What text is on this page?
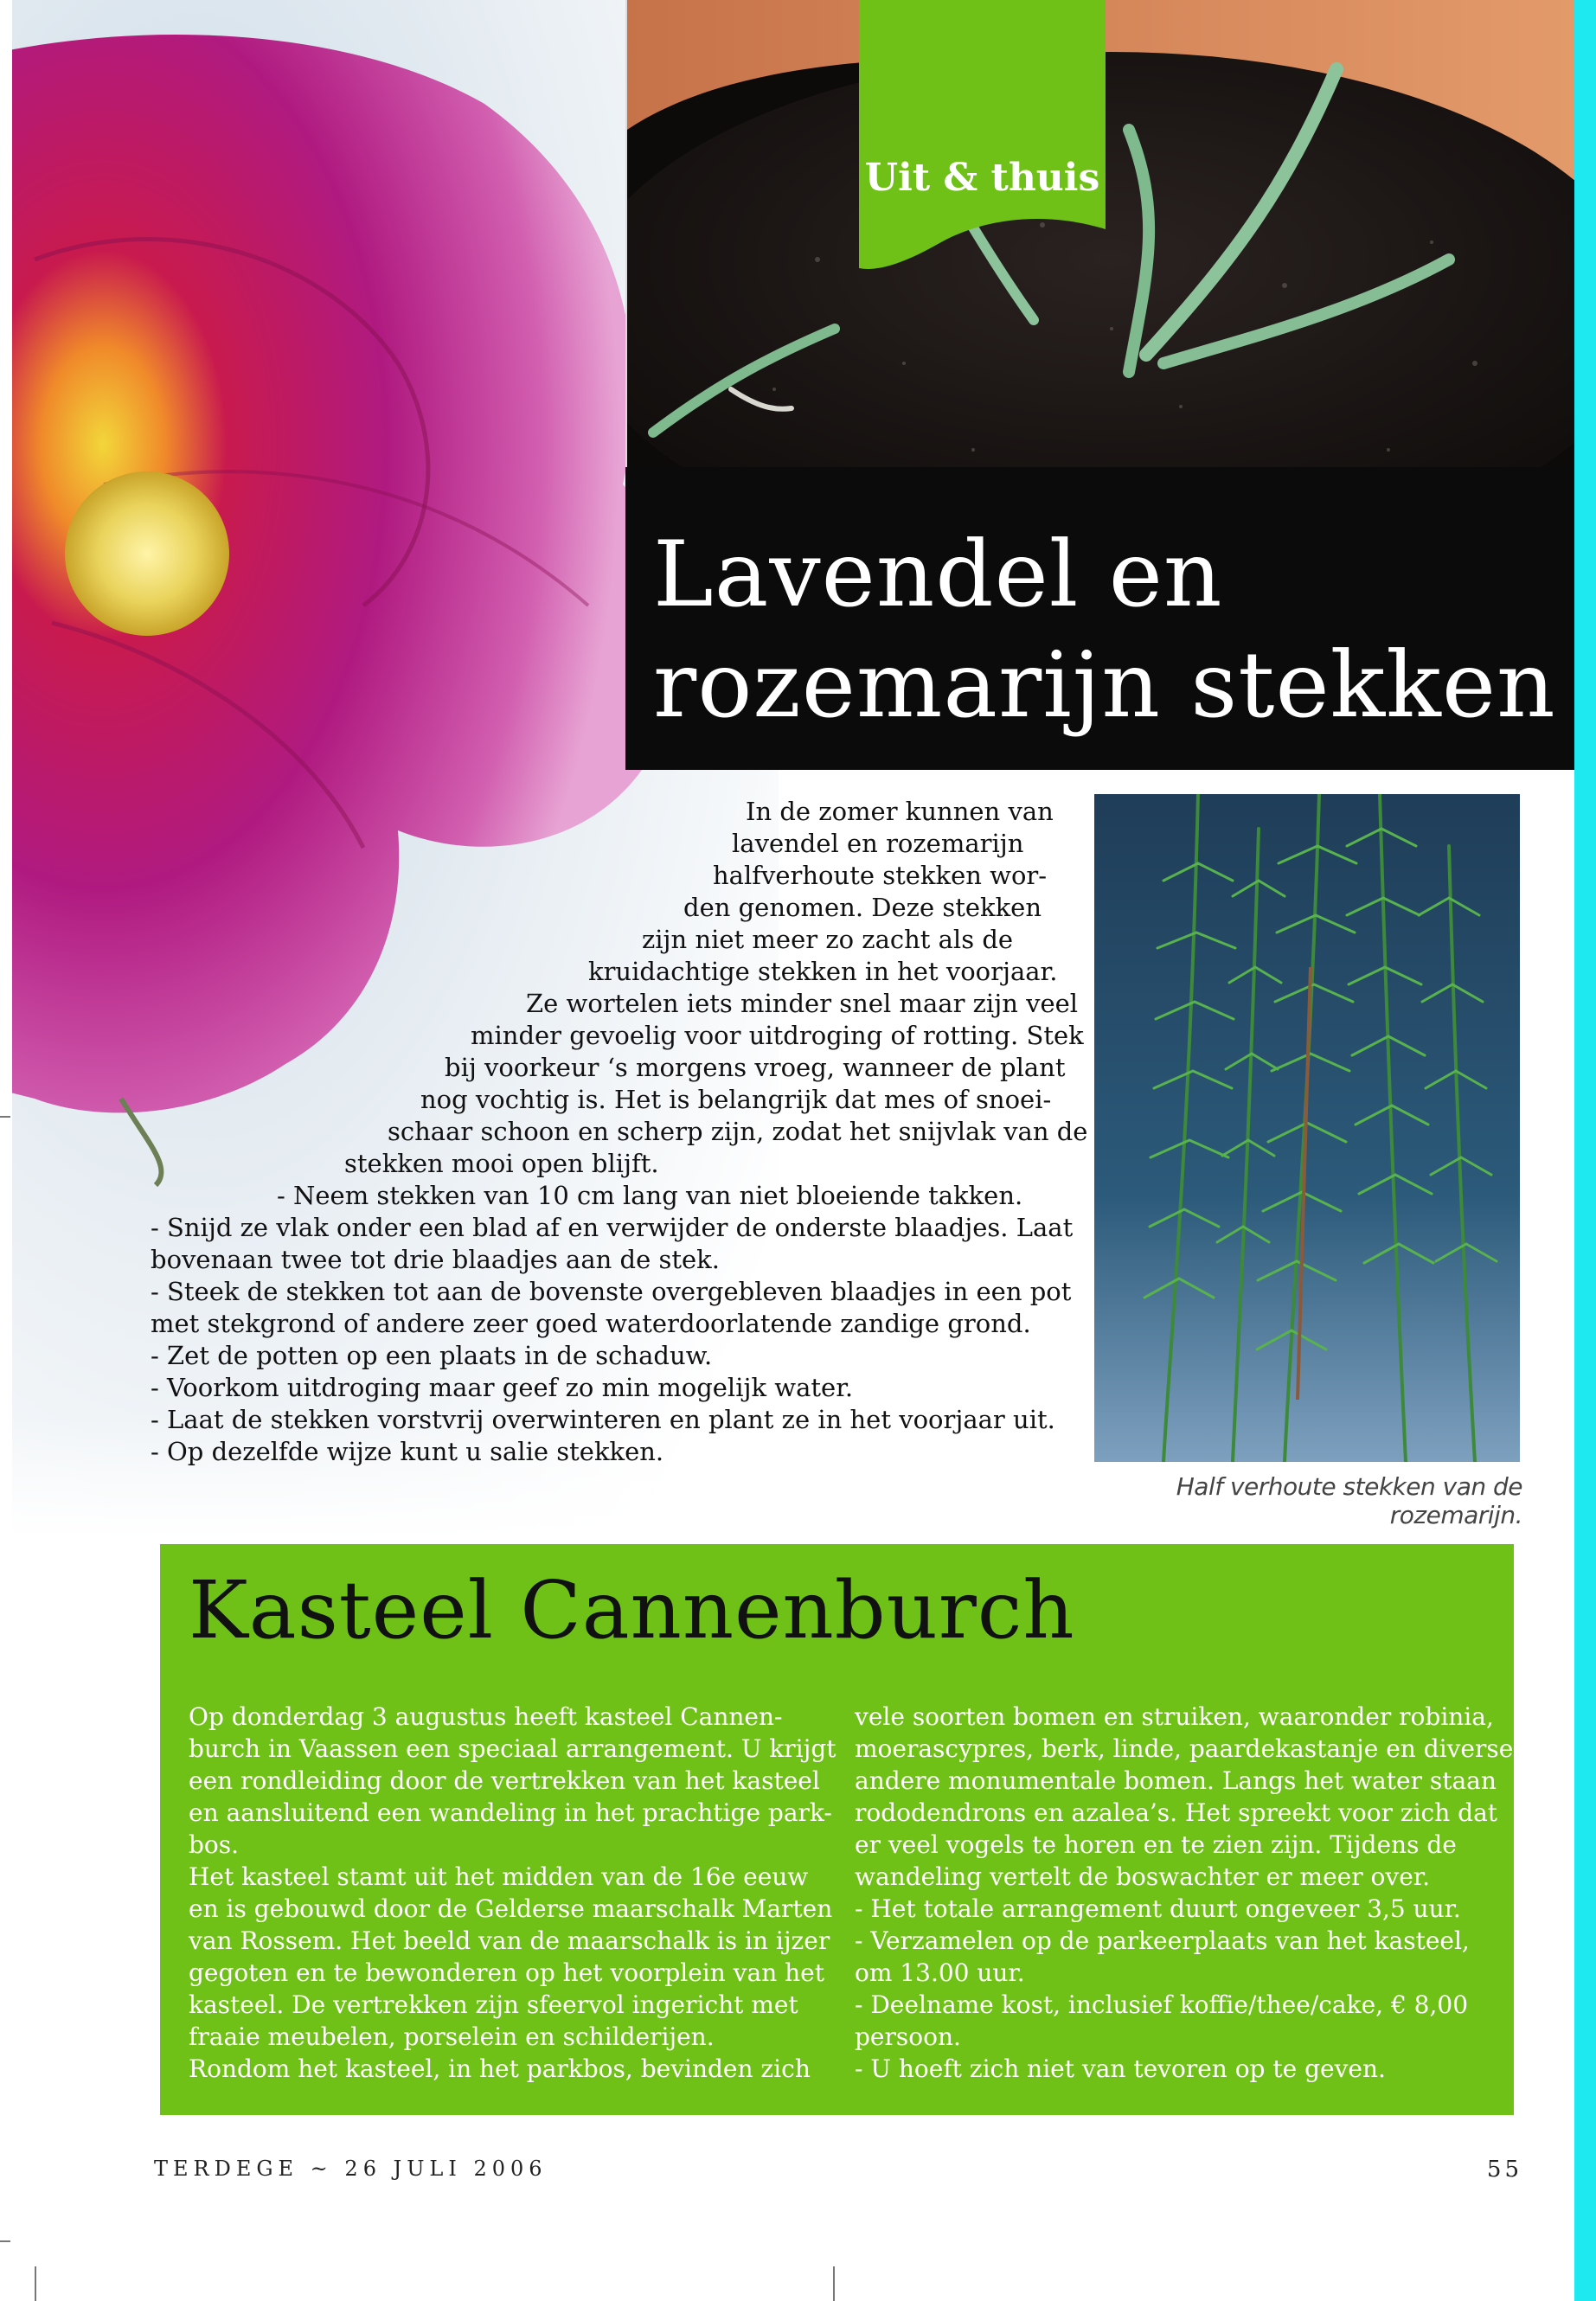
Lavendel en
rozemarijn stekken
Uit & thuis
Half verhoute stekken van de rozemarijn.
In de zomer kunnen van
lavendel en rozemarijn
halfverhoute stekken wor-
den genomen. Deze stekken
zijn niet meer zo zacht als de
kruidachtige stekken in het voorjaar.
Ze wortelen iets minder snel maar zijn veel
minder gevoelig voor uitdroging of rotting. Stek
bij voorkeur ‘s morgens vroeg, wanneer de plant
nog vochtig is. Het is belangrijk dat mes of snoei-
schaar schoon en scherp zijn, zodat het snijvlak van de
stekken mooi open blijft.
- Neem stekken van 10 cm lang van niet bloeiende takken.
- Snijd ze vlak onder een blad af en verwijder de onderste blaadjes. Laat
bovenaan twee tot drie blaadjes aan de stek.
- Steek de stekken tot aan de bovenste overgebleven blaadjes in een pot
met stekgrond of andere zeer goed waterdoorlatende zandige grond.
- Zet de potten op een plaats in de schaduw.
- Voorkom uitdroging maar geef zo min mogelijk water.
- Laat de stekken vorstvrij overwinteren en plant ze in het voorjaar uit.
- Op dezelfde wijze kunt u salie stekken.
Kasteel Cannenburch
Op donderdag 3 augustus heeft kasteel Cannen-
burch in Vaassen een speciaal arrangement. U krijgt
een rondleiding door de vertrekken van het kasteel
en aansluitend een wandeling in het prachtige park-
bos.
Het kasteel stamt uit het midden van de 16e eeuw
en is gebouwd door de Gelderse maarschalk Marten
van Rossem. Het beeld van de maarschalk is in ijzer
gegoten en te bewonderen op het voorplein van het
kasteel. De vertrekken zijn sfeervol ingericht met
fraaie meubelen, porselein en schilderijen.
Rondom het kasteel, in het parkbos, bevinden zich
vele soorten bomen en struiken, waaronder robinia,
moerascypres, berk, linde, paardekastanje en diverse
andere monumentale bomen. Langs het water staan
rododendrons en azalea’s. Het spreekt voor zich dat
er veel vogels te horen en te zien zijn. Tijdens de
wandeling vertelt de boswachter er meer over.
- Het totale arrangement duurt ongeveer 3,5 uur.
- Verzamelen op de parkeerplaats van het kasteel,
om 13.00 uur.
- Deelname kost, inclusief koffie/thee/cake, € 8,00
persoon.
- U hoeft zich niet van tevoren op te geven.
TERDEGE ~ 26 JULI 2006	55
